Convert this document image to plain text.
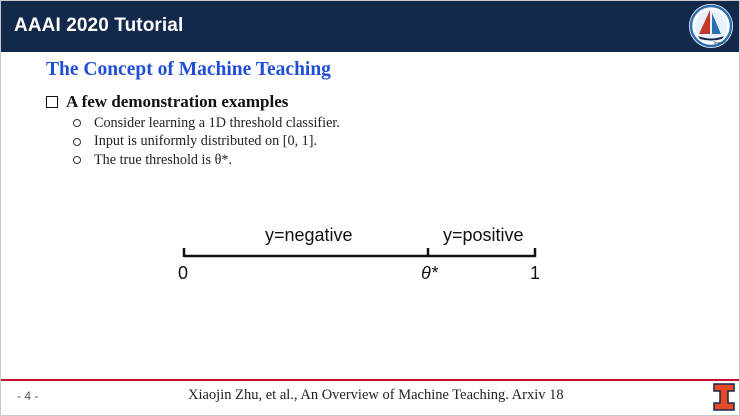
AAAI 2020 Tutorial
Team Co
The Concept of Machine Teaching
A few demonstration examples
Consider learning a 1D threshold classifier.
Input is uniformly distributed on [0, 1].
The true threshold is θ*.
y=negative	y=positive
0	θ*	1
- 4 -	Xiaojin Zhu, et al., An Overview of Machine Teaching. Arxiv 18
